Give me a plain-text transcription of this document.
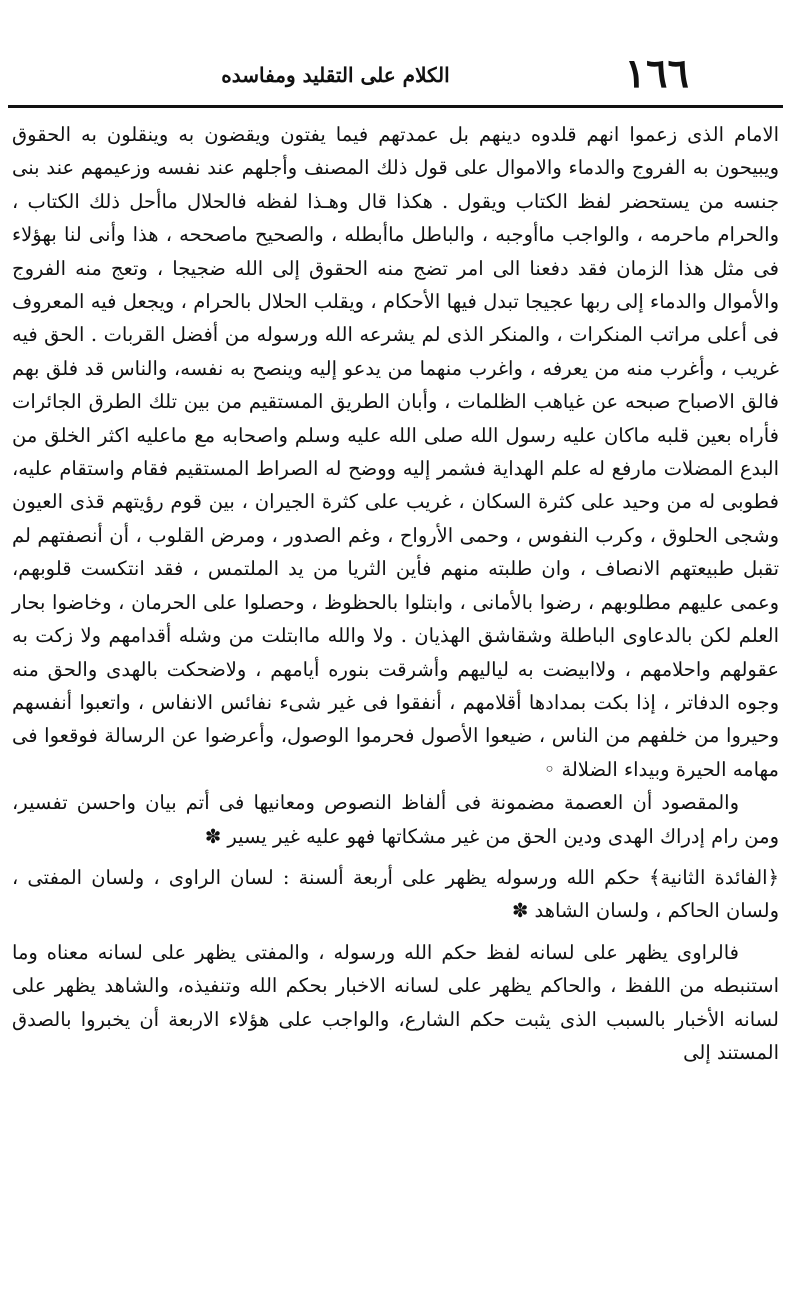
١٦٦
الكلام على التقليد ومفاسده

الامام الذى زعموا انهم قلدوه دينهم بل عمدتهم فيما يفتون ويقضون به وينقلون به الحقوق ويبيحون به الفروج والدماء والاموال على قول ذلك المصنف وأجلهم عند نفسه وزعيمهم عند بنى جنسه من يستحضر لفظ الكتاب ويقول . هكذا قال وهـذا لفظه فالحلال ماأحل ذلك الكتاب ، والحرام ماحرمه ، والواجب ماأوجبه ، والباطل ماأبطله ، والصحيح ماصححه ، هذا وأنى لنا بهؤلاء فى مثل هذا الزمان فقد دفعنا الى امر تضج منه الحقوق إلى الله ضجيجا ، وتعج منه الفروج والأموال والدماء إلى ربها عجيجا تبدل فيها الأحكام ، ويقلب الحلال بالحرام ، ويجعل فيه المعروف فى أعلى مراتب المنكرات ، والمنكر الذى لم يشرعه الله ورسوله من أفضل القربات . الحق فيه غريب ، وأغرب منه من يعرفه ، واغرب منهما من يدعو إليه وينصح به نفسه، والناس قد فلق بهم فالق الاصباح صبحه عن غياهب الظلمات ، وأبان الطريق المستقيم من بين تلك الطرق الجائرات فأراه بعين قلبه ماكان عليه رسول الله صلى الله عليه وسلم واصحابه مع ماعليه اكثر الخلق من البدع المضلات مارفع له علم الهداية فشمر إليه ووضح له الصراط المستقيم فقام واستقام عليه، فطوبى له من وحيد على كثرة السكان ، غريب على كثرة الجيران ، بين قوم رؤيتهم قذى العيون وشجى الحلوق ، وكرب النفوس ، وحمى الأرواح ، وغم الصدور ، ومرض القلوب ، أن أنصفتهم لم تقبل طبيعتهم الانصاف ، وان طلبته منهم فأين الثريا من يد الملتمس ، فقد انتكست قلوبهم، وعمى عليهم مطلوبهم ، رضوا بالأمانى ، وابتلوا بالحظوظ ، وحصلوا على الحرمان ، وخاضوا بحار العلم لكن بالدعاوى الباطلة وشقاشق الهذيان . ولا والله ماابتلت من وشله أقدامهم ولا زكت به عقولهم واحلامهم ، ولاابيضت به لياليهم وأشرقت بنوره أيامهم ، ولاضحكت بالهدى والحق منه وجوه الدفاتر ، إذا بكت بمدادها أقلامهم ، أنفقوا فى غير شىء نفائس الانفاس ، واتعبوا أنفسهم وحيروا من خلفهم من الناس ، ضيعوا الأصول فحرموا الوصول، وأعرضوا عن الرسالة فوقعوا فى مهامه الحيرة وبيداء الضلالة ◦

والمقصود أن العصمة مضمونة فى ألفاظ النصوص ومعانيها فى أتم بيان واحسن تفسير، ومن رام إدراك الهدى ودين الحق من غير مشكاتها فهو عليه غير يسير ✽

﴿الفائدة الثانية﴾ حكم الله ورسوله يظهر على أربعة ألسنة : لسان الراوى ، ولسان المفتى ، ولسان الحاكم ، ولسان الشاهد ✽

فالراوى يظهر على لسانه لفظ حكم الله ورسوله ، والمفتى يظهر على لسانه معناه وما استنبطه من اللفظ ، والحاكم يظهر على لسانه الاخبار بحكم الله وتنفيذه، والشاهد يظهر على لسانه الأخبار بالسبب الذى يثبت حكم الشارع، والواجب على هؤلاء الاربعة أن يخبروا بالصدق المستند إلى
